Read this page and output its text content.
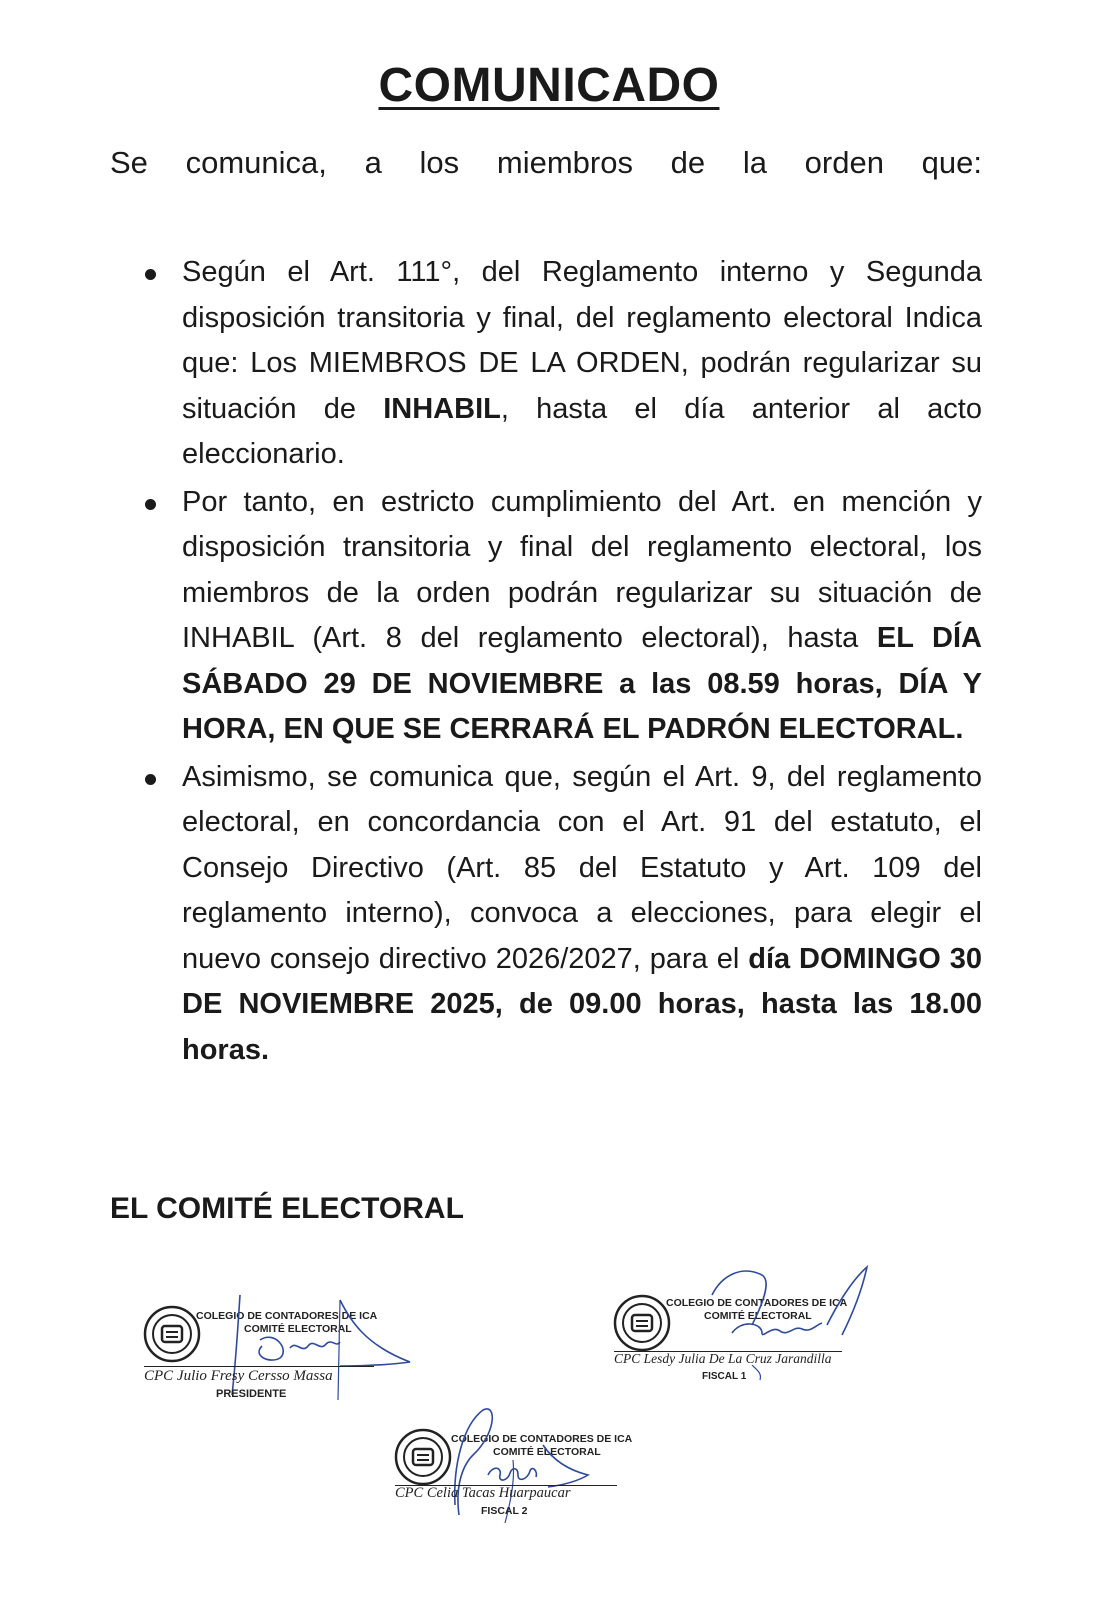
COMUNICADO
Se comunica, a los miembros de la orden que:
Según el Art. 111°, del Reglamento interno y Segunda disposición transitoria y final, del reglamento electoral Indica que: Los MIEMBROS DE LA ORDEN, podrán regularizar su situación de INHABIL, hasta el día anterior al acto eleccionario.
Por tanto, en estricto cumplimiento del Art. en mención y disposición transitoria y final del reglamento electoral, los miembros de la orden podrán regularizar su situación de INHABIL (Art. 8 del reglamento electoral), hasta EL DÍA SÁBADO 29 DE NOVIEMBRE a las 08.59 horas, DÍA Y HORA, EN QUE SE CERRARÁ EL PADRÓN ELECTORAL.
Asimismo, se comunica que, según el Art. 9, del reglamento electoral, en concordancia con el Art. 91 del estatuto, el Consejo Directivo (Art. 85 del Estatuto y Art. 109 del reglamento interno), convoca a elecciones, para elegir el nuevo consejo directivo 2026/2027, para el día DOMINGO 30 DE NOVIEMBRE 2025, de 09.00 horas, hasta las 18.00 horas.
EL COMITÉ ELECTORAL
COLEGIO DE CONTADORES DE ICA
COMITÉ ELECTORAL
CPC Julio Fresy Cersso Massa
PRESIDENTE
COLEGIO DE CONTADORES DE ICA
COMITÉ ELECTORAL
CPC Lesdy Julia De La Cruz Jarandilla
FISCAL 1
COLEGIO DE CONTADORES DE ICA
COMITÉ ELECTORAL
CPC Celia Tacas Huarpaucar
FISCAL 2
